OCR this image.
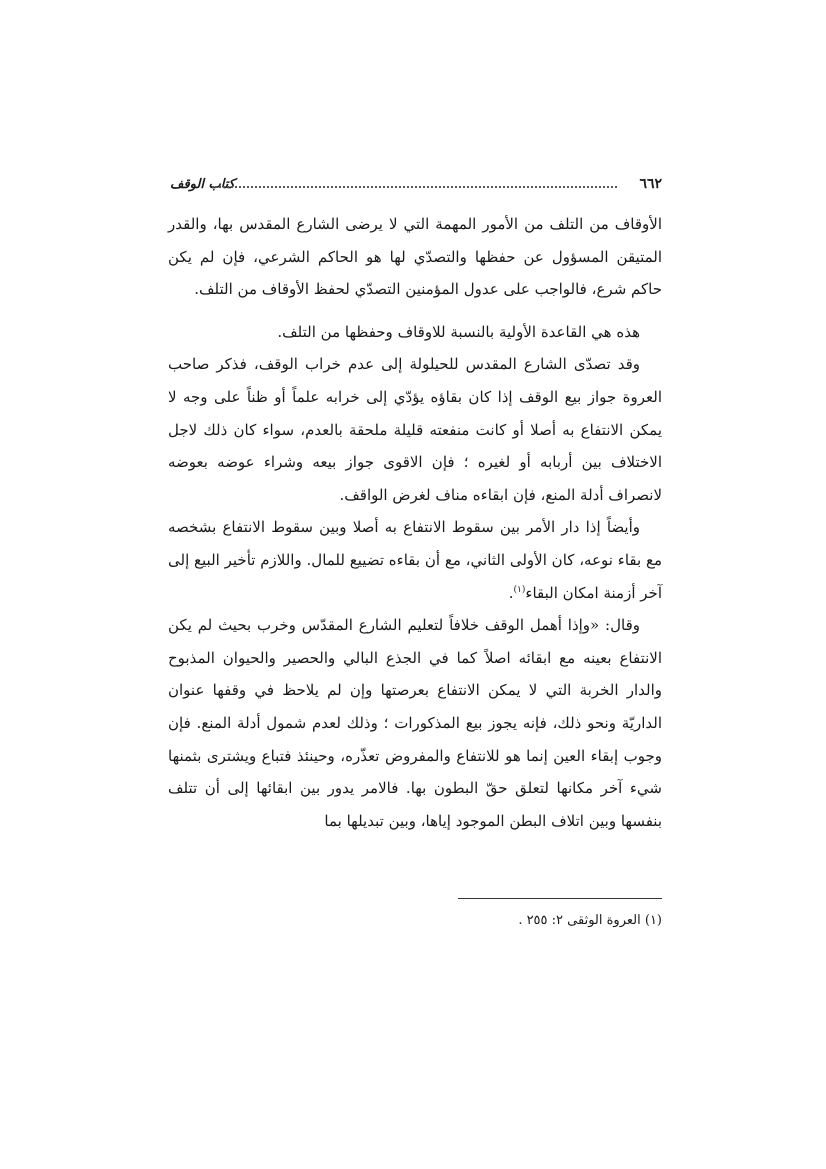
٦٦٢
كتاب الوقف

الأوقاف من التلف من الأمور المهمة التي لا يرضى الشارع المقدس بها، والقدر المتيقن المسؤول عن حفظها والتصدّي لها هو الحاكم الشرعي، فإن لم يكن حاكم شرع، فالواجب على عدول المؤمنين التصدّي لحفظ الأوقاف من التلف.

هذه هي القاعدة الأولية بالنسبة للاوقاف وحفظها من التلف.

وقد تصدّى الشارع المقدس للحيلولة إلى عدم خراب الوقف، فذكر صاحب العروة جواز بيع الوقف إذا كان بقاؤه يؤدّي إلى خرابه علماً أو ظناً على وجه لا يمكن الانتفاع به أصلا أو كانت منفعته قليلة ملحقة بالعدم، سواء كان ذلك لاجل الاختلاف بين أربابه أو لغيره ؛ فإن الاقوى جواز بيعه وشراء عوضه بعوضه لانصراف أدلة المنع، فإن ابقاءه مناف لغرض الواقف.

وأيضاً إذا دار الأمر بين سقوط الانتفاع به أصلا وبين سقوط الانتفاع بشخصه مع بقاء نوعه، كان الأولى الثاني، مع أن بقاءه تضييع للمال. واللازم تأخير البيع إلى آخر أزمنة امكان البقاء$^{(١)}$.

وقال: «وإذا أهمل الوقف خلافاً لتعليم الشارع المقدّس وخرب بحيث لم يكن الانتفاع بعينه مع ابقائه اصلاً كما في الجذع البالي والحصير والحيوان المذبوح والدار الخربة التي لا يمكن الانتفاع بعرصتها وإن لم يلاحظ في وقفها عنوان الداريّة ونحو ذلك، فإنه يجوز بيع المذكورات ؛ وذلك لعدم شمول أدلة المنع. فإن وجوب إبقاء العين إنما هو للانتفاع والمفروض تعذّره، وحينئذ فتباع ويشترى بثمنها شيء آخر مكانها لتعلق حقّ البطون بها. فالامر يدور بين ابقائها إلى أن تتلف بنفسها وبين اتلاف البطن الموجود إياها، وبين تبديلها بما

(١) العروة الوثقى ٢: ٢٥٥ .
